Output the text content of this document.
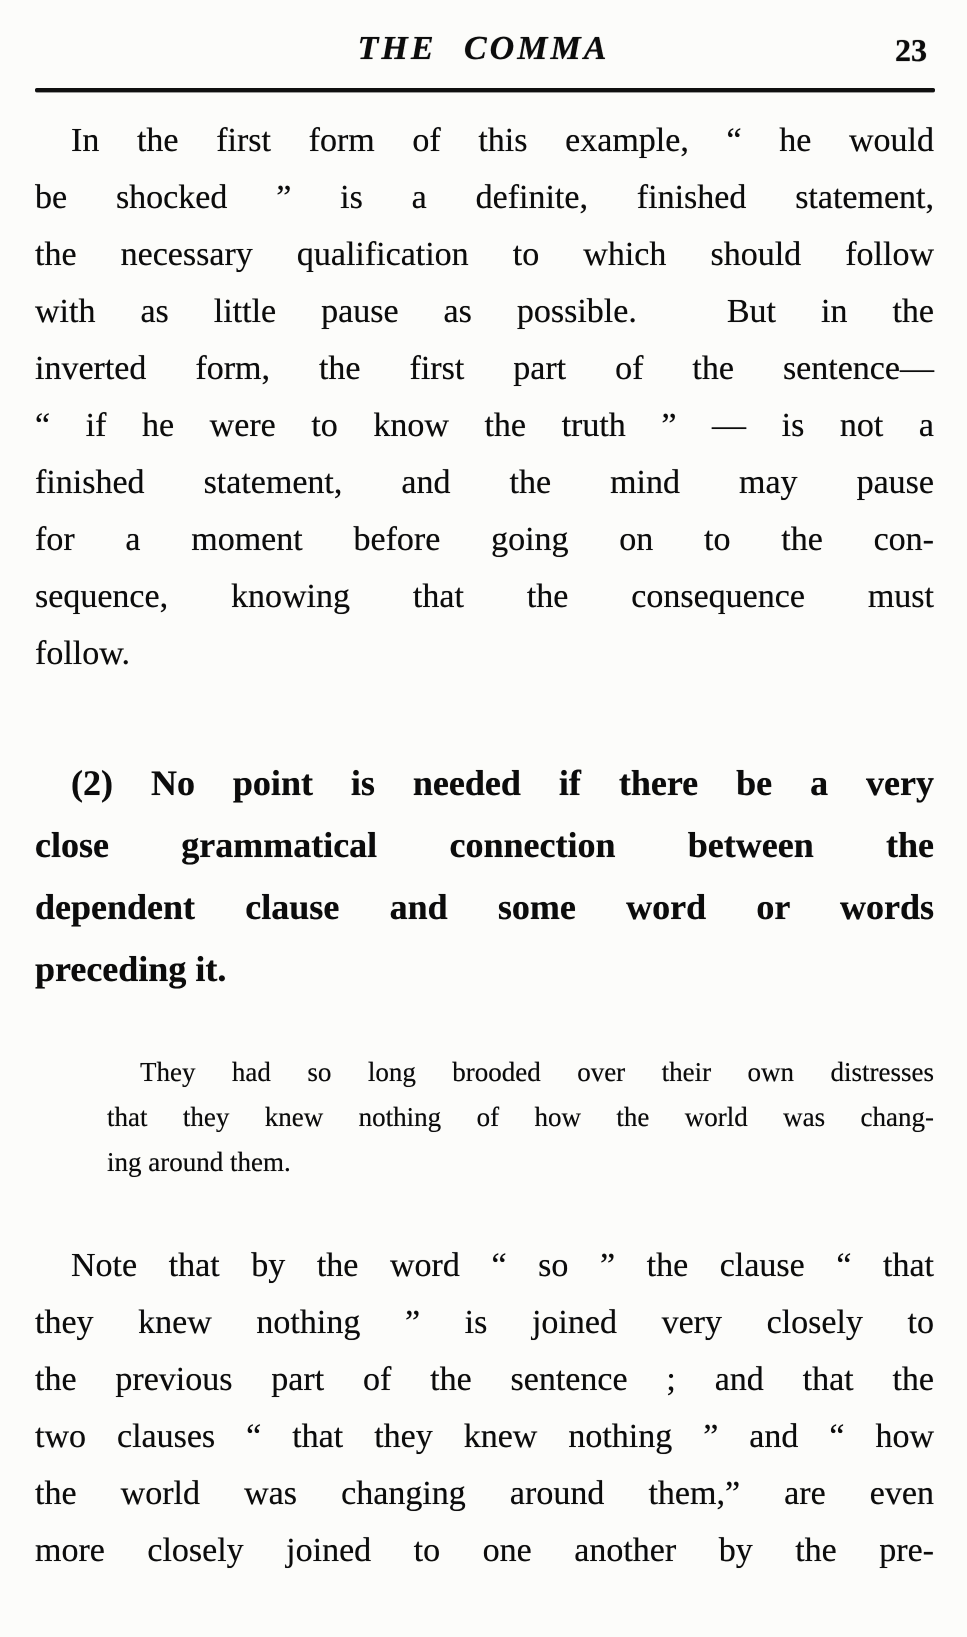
THE COMMA	23
In the first form of this example, “ he would
be shocked ” is a definite, finished statement,
the necessary qualification to which should follow
with as little pause as possible.  But in the
inverted form, the first part of the sentence—
“ if he were to know the truth ” — is not a
finished statement, and the mind may pause
for a moment before going on to the con-
sequence, knowing that the consequence must
follow.
(2) No point is needed if there be a very
close grammatical connection between the
dependent clause and some word or words
preceding it.
They had so long brooded over their own distresses
that they knew nothing of how the world was chang-
ing around them.
Note that by the word “ so ” the clause “ that
they knew nothing ” is joined very closely to
the previous part of the sentence ; and that the
two clauses “ that they knew nothing ” and “ how
the world was changing around them,” are even
more closely joined to one another by the pre-
